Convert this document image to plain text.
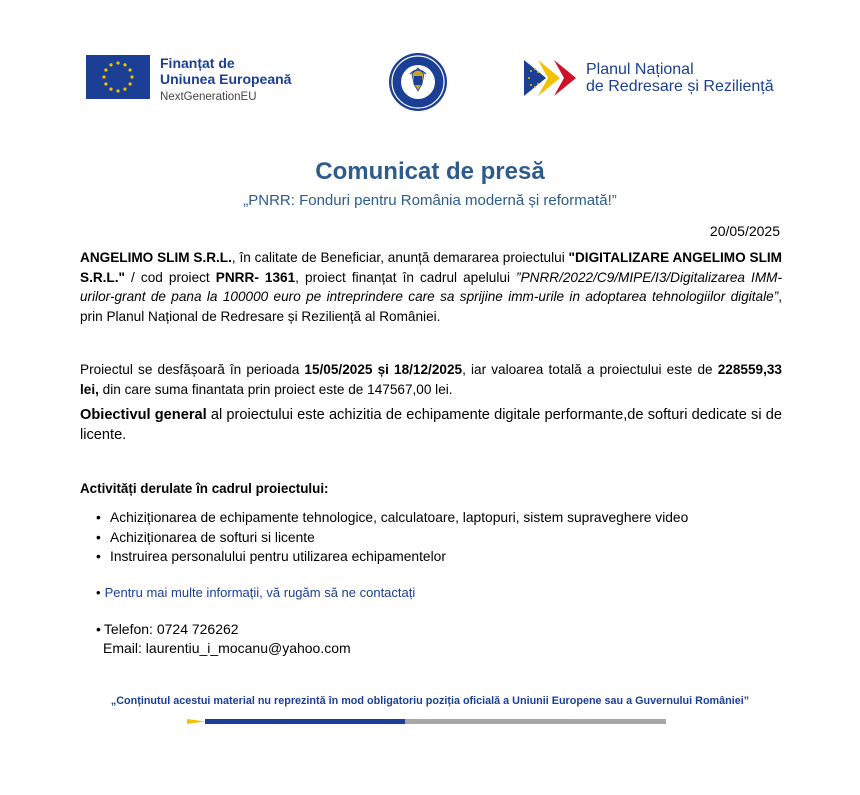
Finanțat de
Uniunea Europeană
NextGenerationEU
Planul Național
de Redresare și Reziliență
Comunicat de presă
„PNRR: Fonduri pentru România modernă și reformată!”
20/05/2025
ANGELIMO SLIM S.R.L., în calitate de Beneficiar, anunță demararea proiectului "DIGITALIZARE ANGELIMO SLIM S.R.L." / cod proiect PNRR- 1361, proiect finanțat în cadrul apelului ”PNRR/2022/C9/MIPE/I3/Digitalizarea IMM-urilor-grant de pana la 100000 euro pe intreprindere care sa sprijine imm-urile in adoptarea tehnologiilor digitale”, prin Planul Național de Redresare și Reziliență al României.
Proiectul se desfășoară în perioada 15/05/2025 și 18/12/2025, iar valoarea totală a proiectului este de 228559,33 lei, din care suma finantata prin proiect este de 147567,00 lei.
Obiectivul general al proiectului este achizitia de echipamente digitale performante,de softuri dedicate si de licente.
Activități derulate în cadrul proiectului:
• Achiziționarea de echipamente tehnologice, calculatoare, laptopuri, sistem supraveghere video
• Achiziționarea de softuri si licente
• Instruirea personalului pentru utilizarea echipamentelor
• Pentru mai multe informații, vă rugăm să ne contactați
• Telefon: 0724 726262
Email: laurentiu_i_mocanu@yahoo.com
„Conținutul acestui material nu reprezintă în mod obligatoriu poziția oficială a Uniunii Europene sau a Guvernului României”
